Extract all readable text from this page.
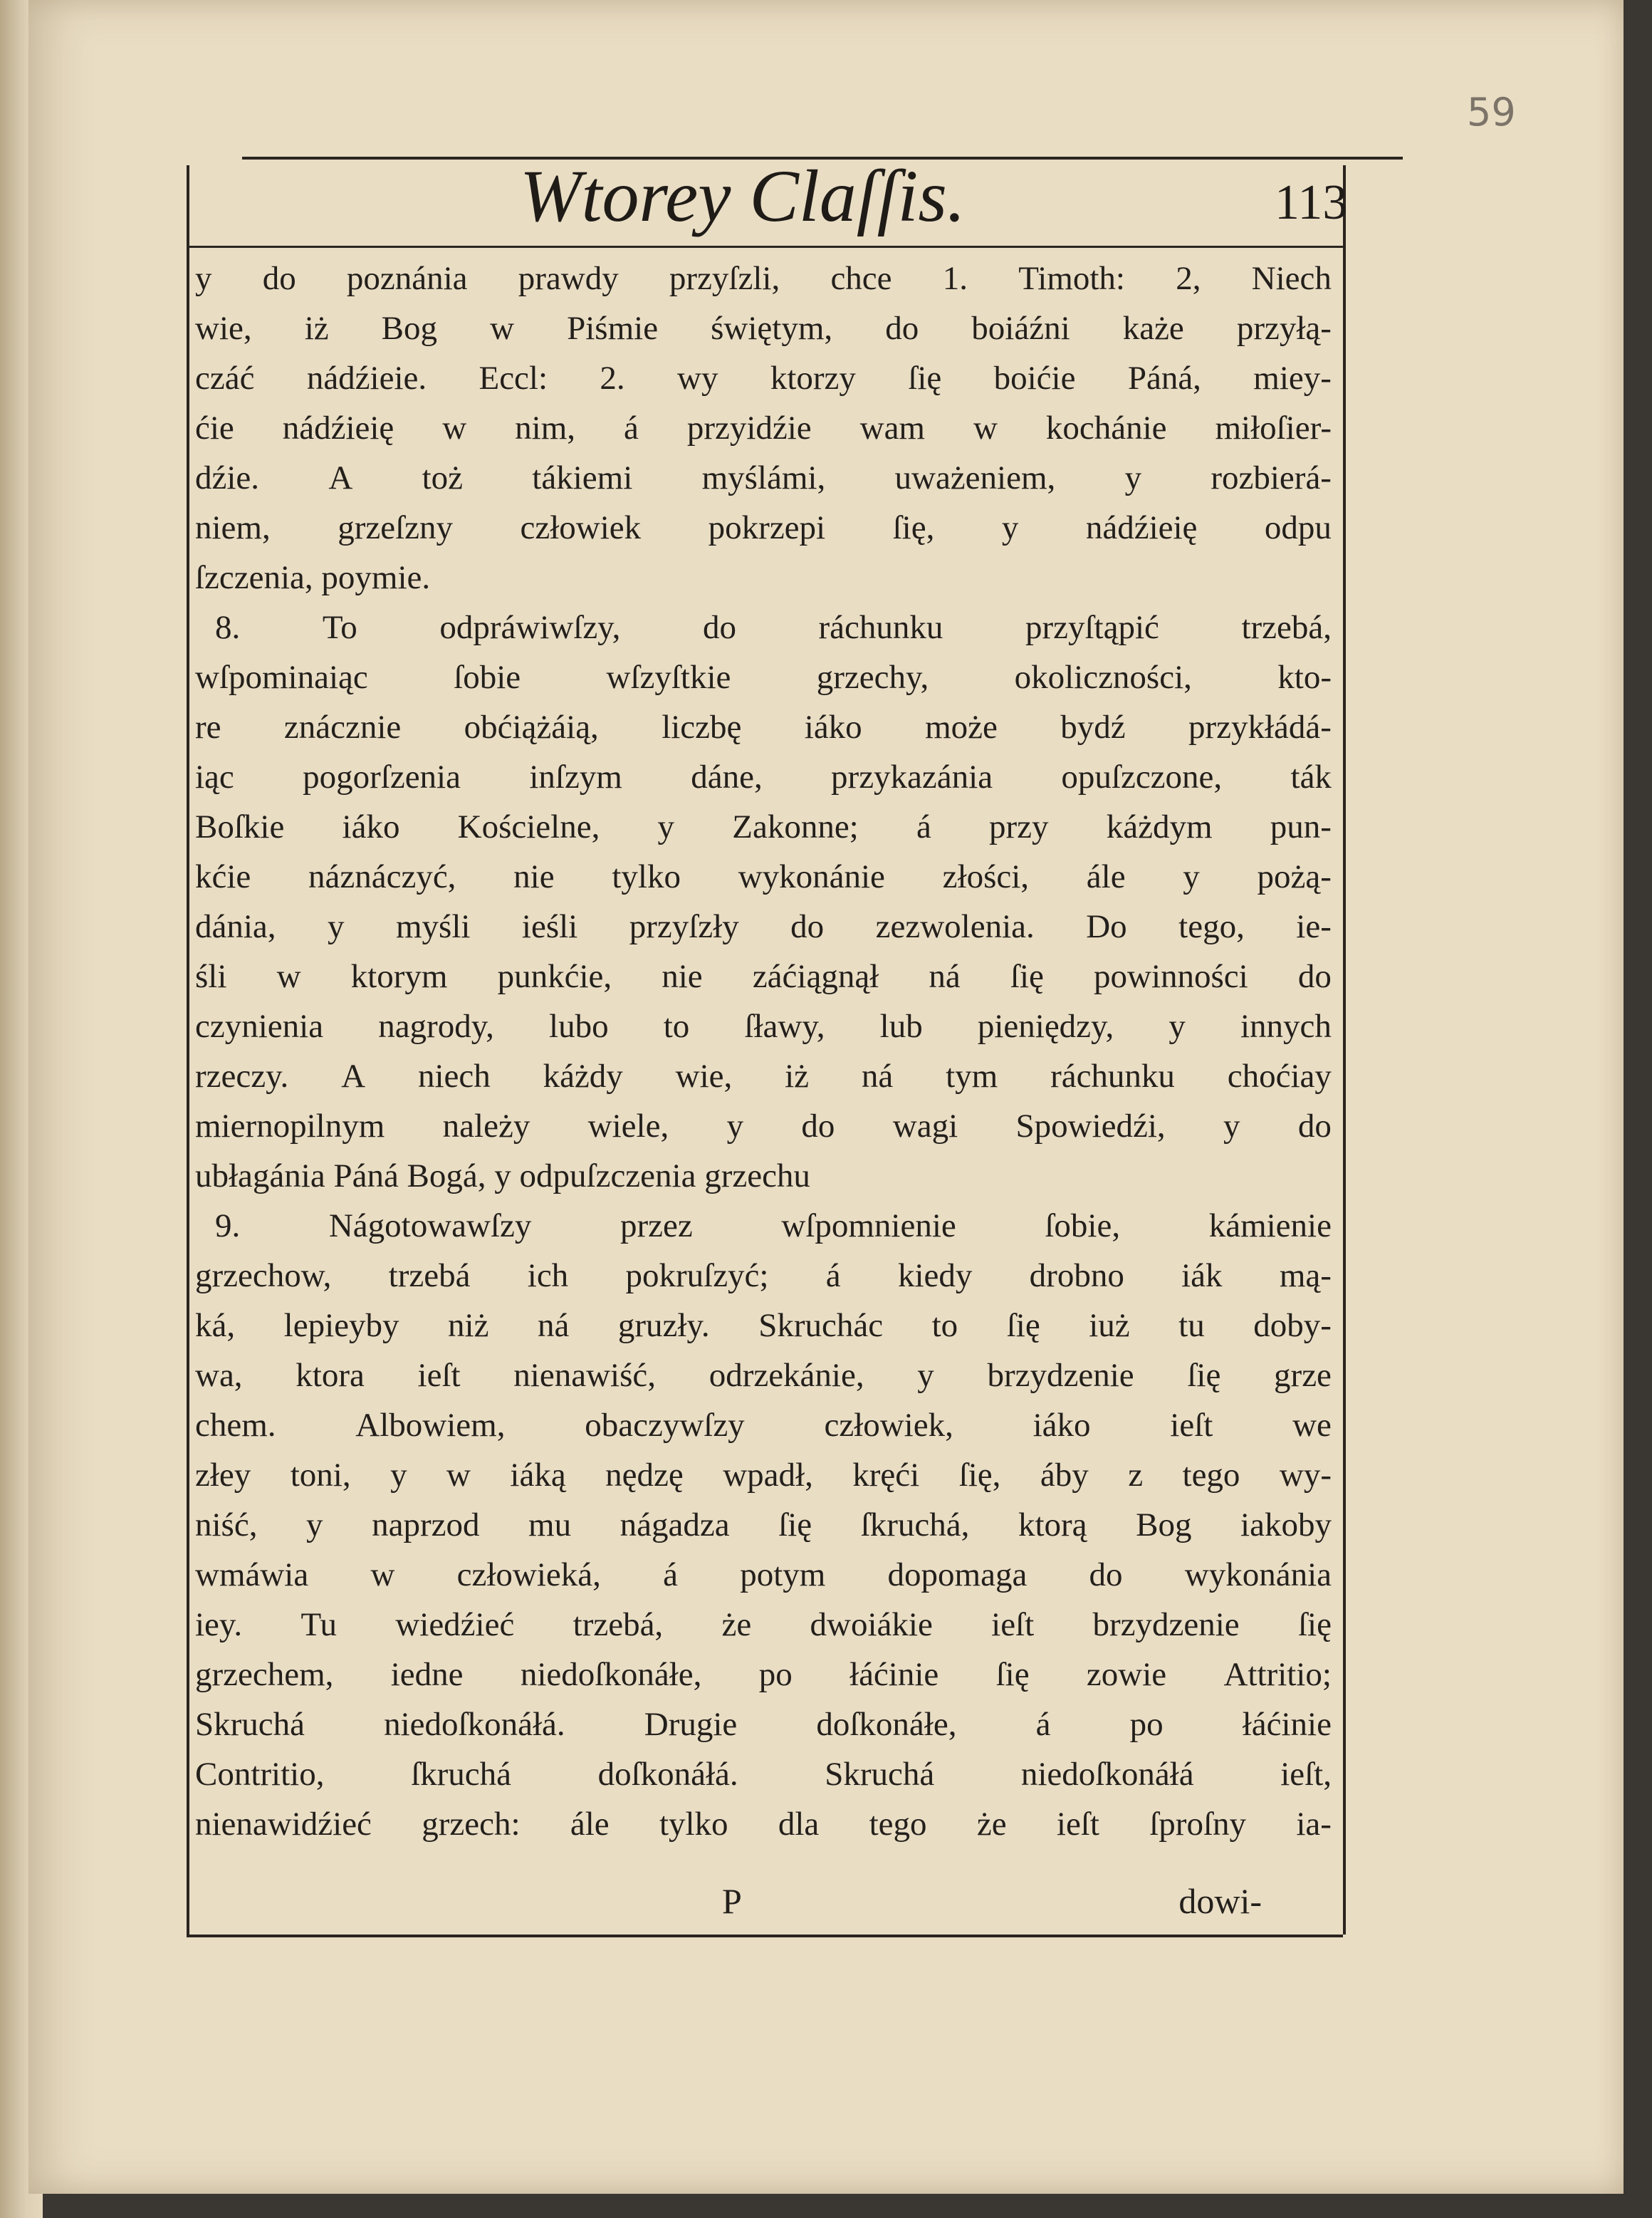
59
Wtorey Claſſis.	113
y do poznánia prawdy przyſzli, chce 1. Timoth: 2, Niech
wie, iż Bog w Piśmie świętym, do boiáźni każe przyłą-
czáć nádźieie. Eccl: 2. wy ktorzy ſię boićie Páná, miey-
ćie nádźieię w nim, á przyidźie wam w kochánie miłoſier-
dźie. A toż tákiemi myślámi, uważeniem, y rozbierá-
niem, grzeſzny człowiek pokrzepi ſię, y nádźieię odpu
ſzczenia, poymie.
8. To odpráwiwſzy, do ráchunku przyſtąpić trzebá,
wſpominaiąc	ſobie	wſzyſtkie	grzechy,	okoliczności,	kto-
re znácznie obćiążáią, liczbę iáko może bydź przykłádá-
iąc pogorſzenia inſzym dáne, przykazánia opuſzczone, ták
Boſkie iáko Kościelne, y Zakonne; á przy káżdym pun-
kćie náznáczyć, nie tylko wykonánie złości, ále y pożą-
dánia, y myśli ieśli przyſzły do zezwolenia. Do tego, ie-
śli w ktorym punkćie, nie záćiągnął ná ſię powinności do
czynienia nagrody, lubo to ſławy, lub pieniędzy, y innych
rzeczy. A niech káżdy wie, iż ná tym ráchunku choćiay
miernopilnym należy wiele, y do wagi Spowiedźi, y do
ubłagánia Páná Bogá, y odpuſzczenia grzechu
9.	Nágotowawſzy	przez	wſpomnienie	ſobie,	kámienie
grzechow, trzebá ich pokruſzyć; á kiedy drobno iák mą-
ká, lepieyby niż ná gruzły. Skruchác to ſię iuż tu doby-
wa, ktora ieſt nienawiść, odrzekánie, y brzydzenie ſię grze
chem. Albowiem, obaczywſzy człowiek, iáko ieſt we
złey toni, y w iáką nędzę wpadł, kręći ſię, áby z tego wy-
niść, y naprzod mu nágadza ſię ſkruchá, ktorą Bog iakoby
wmáwia w człowieká, á potym dopomaga do wykonánia
iey. Tu wiedźieć trzebá, że dwoiákie ieſt brzydzenie ſię
grzechem, iedne niedoſkonáłe, po łáćinie ſię zowie Attritio;
Skruchá niedoſkonáłá. Drugie doſkonáłe, á po łáćinie
Contritio,	ſkruchá	doſkonáłá.	Skruchá	niedoſkonáłá	ieſt,
nienawidźieć grzech: ále tylko dla tego że ieſt ſproſny ia-
P	dowi-
